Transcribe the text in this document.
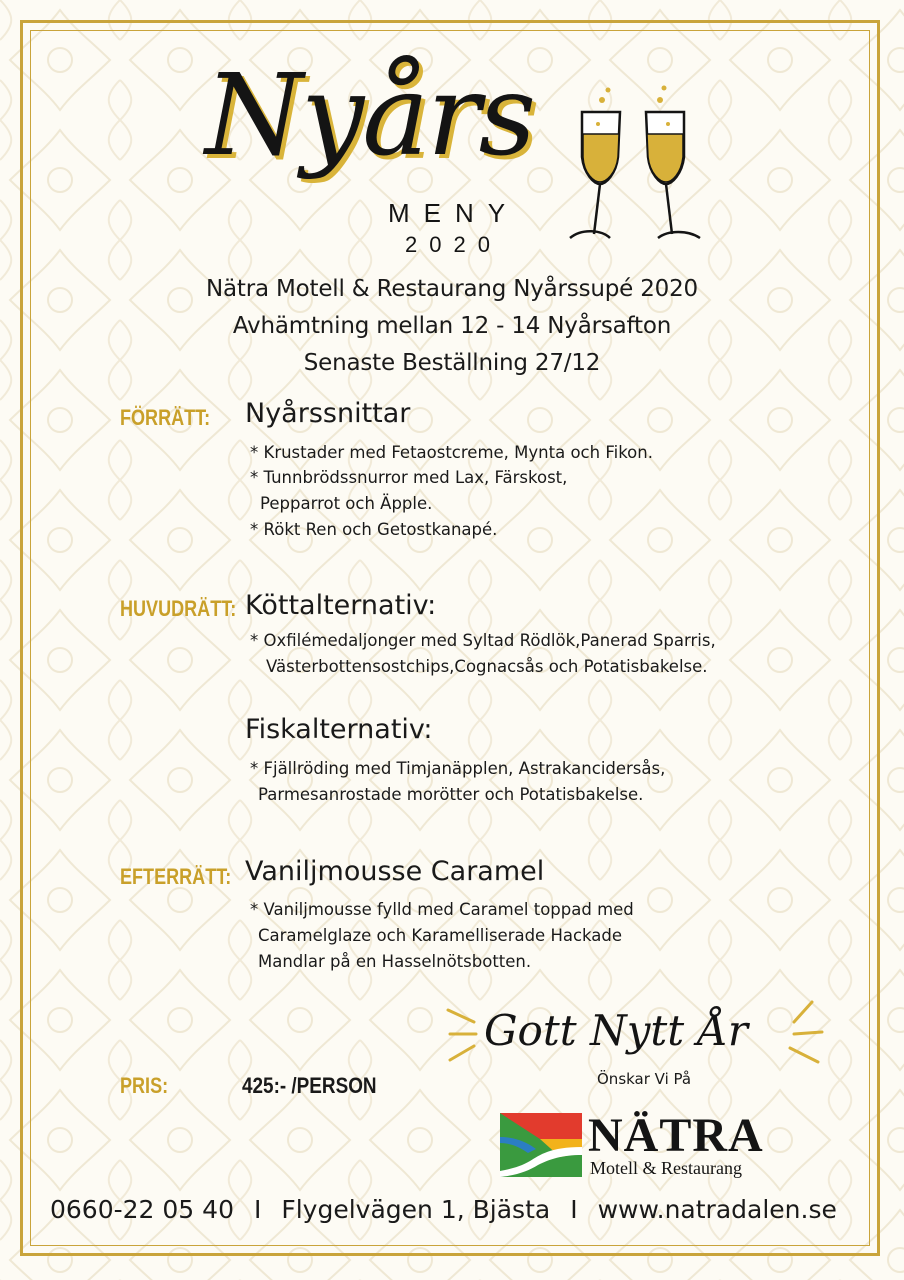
Nyårs
MENY
2020
Nätra Motell & Restaurang Nyårssupé 2020
Avhämtning mellan 12 - 14 Nyårsafton
Senaste Beställning 27/12
FÖRRÄTT: Nyårssnittar
* Krustader med Fetaostcreme, Mynta och Fikon.
* Tunnbrödssnurror med Lax, Färskost,
Pepparrot och Äpple.
* Rökt Ren och Getostkanapé.
HUVUDRÄTT: Köttalternativ:
* Oxfilémedaljonger med Syltad Rödlök,Panerad Sparris,
Västerbottensostchips,Cognacsås och Potatisbakelse.
Fiskalternativ:
* Fjällröding med Timjanäpplen, Astrakancidersås,
Parmesanrostade morötter och Potatisbakelse.
EFTERRÄTT: Vaniljmousse Caramel
* Vaniljmousse fylld med Caramel toppad med
Caramelglaze och Karamelliserade Hackade
Mandlar på en Hasselnötsbotten.
PRIS:	425:- /PERSON
Gott Nytt År
Önskar Vi På
NÄTRA
Motell & Restaurang
0660-22 05 40 I Flygelvägen 1, Bjästa I www.natradalen.se
